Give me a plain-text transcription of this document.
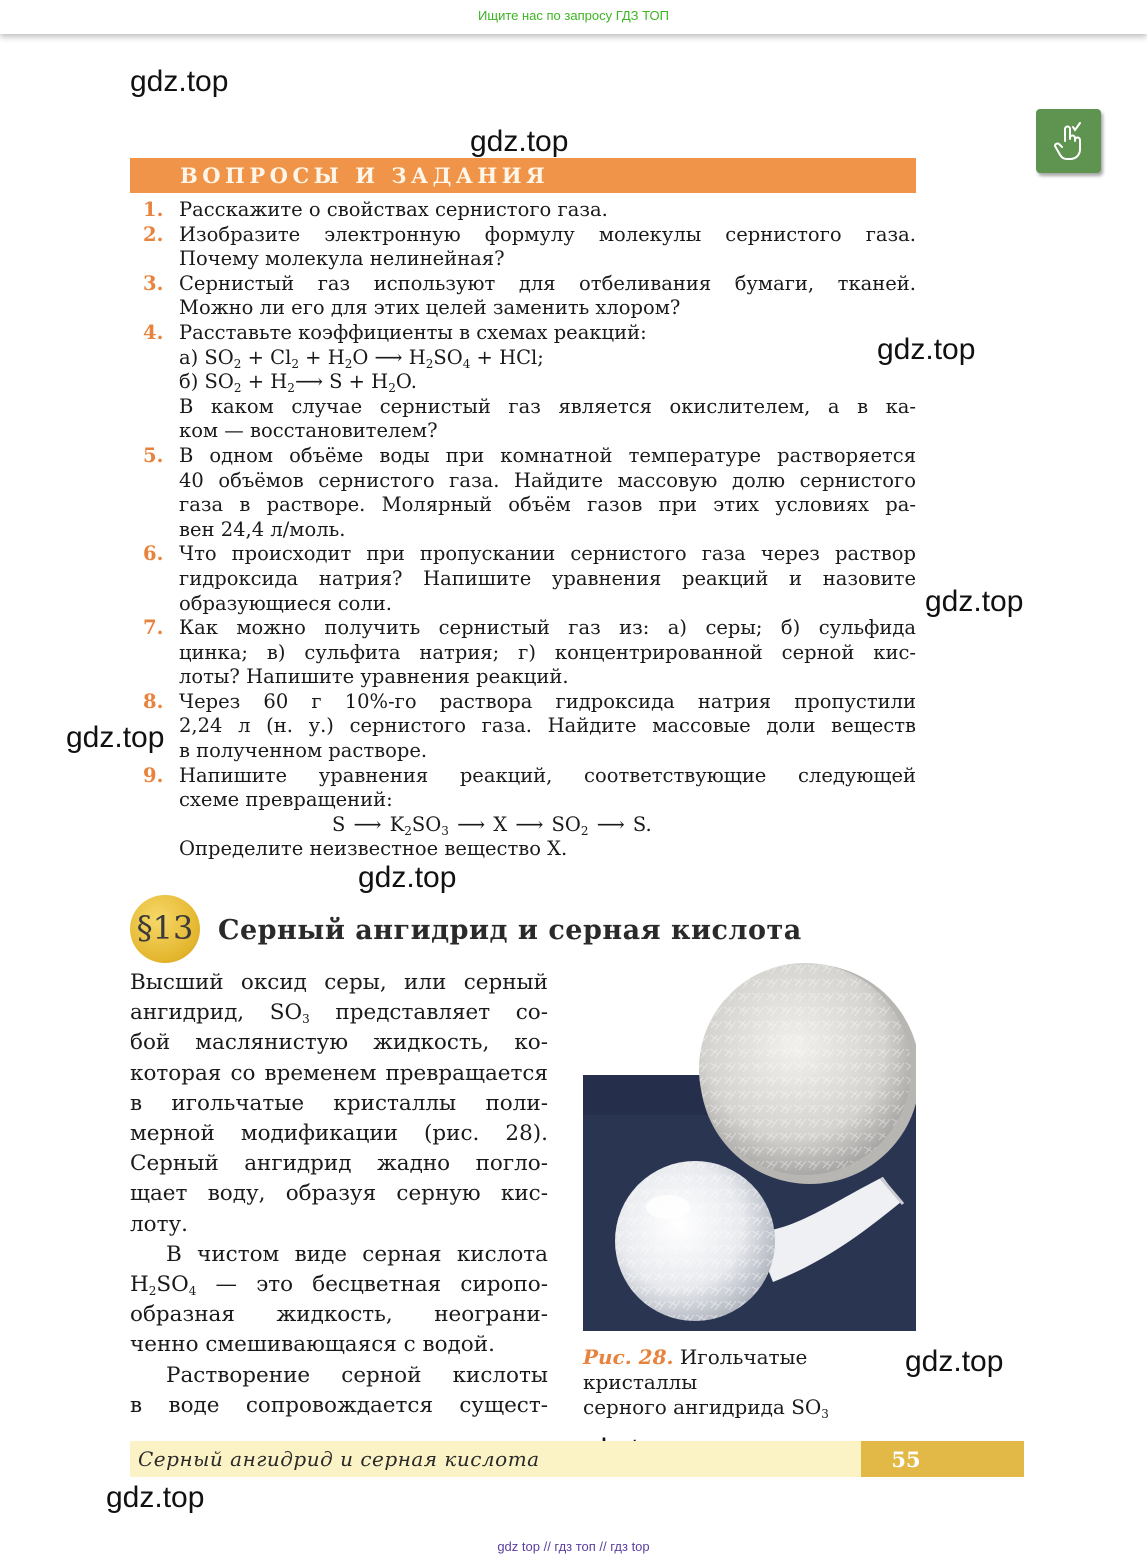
Ищите нас по запросу ГДЗ ТОП
gdz.top
gdz.top
gdz.top
gdz.top
gdz.top
gdz.top
gdz.top
gdz.top
ВОПРОСЫ И ЗАДАНИЯ
1. Расскажите о свойствах сернистого газа.
2. Изобразите электронную формулу молекулы сернистого газа.
Почему молекула нелинейная?
3. Сернистый газ используют для отбеливания бумаги, тканей.
Можно ли его для этих целей заменить хлором?
4. Расставьте коэффициенты в схемах реакций:
а) $SO_2 + Cl_2 + H_2O$ ⟶ $H_2SO_4$ + HCl;
б) $SO_2$ + $H_2⟶$ $S + H_2O$.
В каком случае сернистый газ является окислителем, а в ка-
ком — восстановителем?
5. В одном объёме воды при комнатной температуре растворяется
40 объёмов сернистого газа. Найдите массовую долю сернистого
газа в растворе. Молярный объём газов при этих условиях ра-
вен 24,4 л/моль.
6. Что происходит при пропускании сернистого газа через раствор
гидроксида натрия? Напишите уравнения реакций и назовите
образующиеся соли.
7. Как можно получить сернистый газ из: а) серы; б) сульфида
цинка; в) сульфита натрия; г) концентрированной серной кис-
лоты? Напишите уравнения реакций.
8. Через 60 г 10%-го раствора гидроксида натрия пропустили
2,24 л (н. у.) сернистого газа. Найдите массовые доли веществ
в полученном растворе.
9. Напишите уравнения реакций, соответствующие следующей
схеме превращений:
S ⟶ $K_2SO_3$ ⟶ X ⟶ $SO_2$ ⟶ S.
Определите неизвестное вещество X.
§13 Серный ангидрид и серная кислота
Высший оксид серы, или серный
ангидрид, $SO_3$ представляет со-
бой маслянистую жидкость, ко-
которая со временем превращается
в игольчатые кристаллы поли-
мерной модификации (рис. 28).
Серный ангидрид жадно погло-
щает воду, образуя серную кис-
лоту.
В чистом виде серная кислота
$H_2SO_4$ — это бесцветная сиропо-
образная жидкость, неограни-
ченно смешивающаяся с водой.
Растворение серной кислоты
в воде сопровождается сущест-
Рис. 28. Игольчатые
кристаллы
серного ангидрида $SO_3$
Серный ангидрид и серная кислота	55
gdz top // гдз топ // гдз top
